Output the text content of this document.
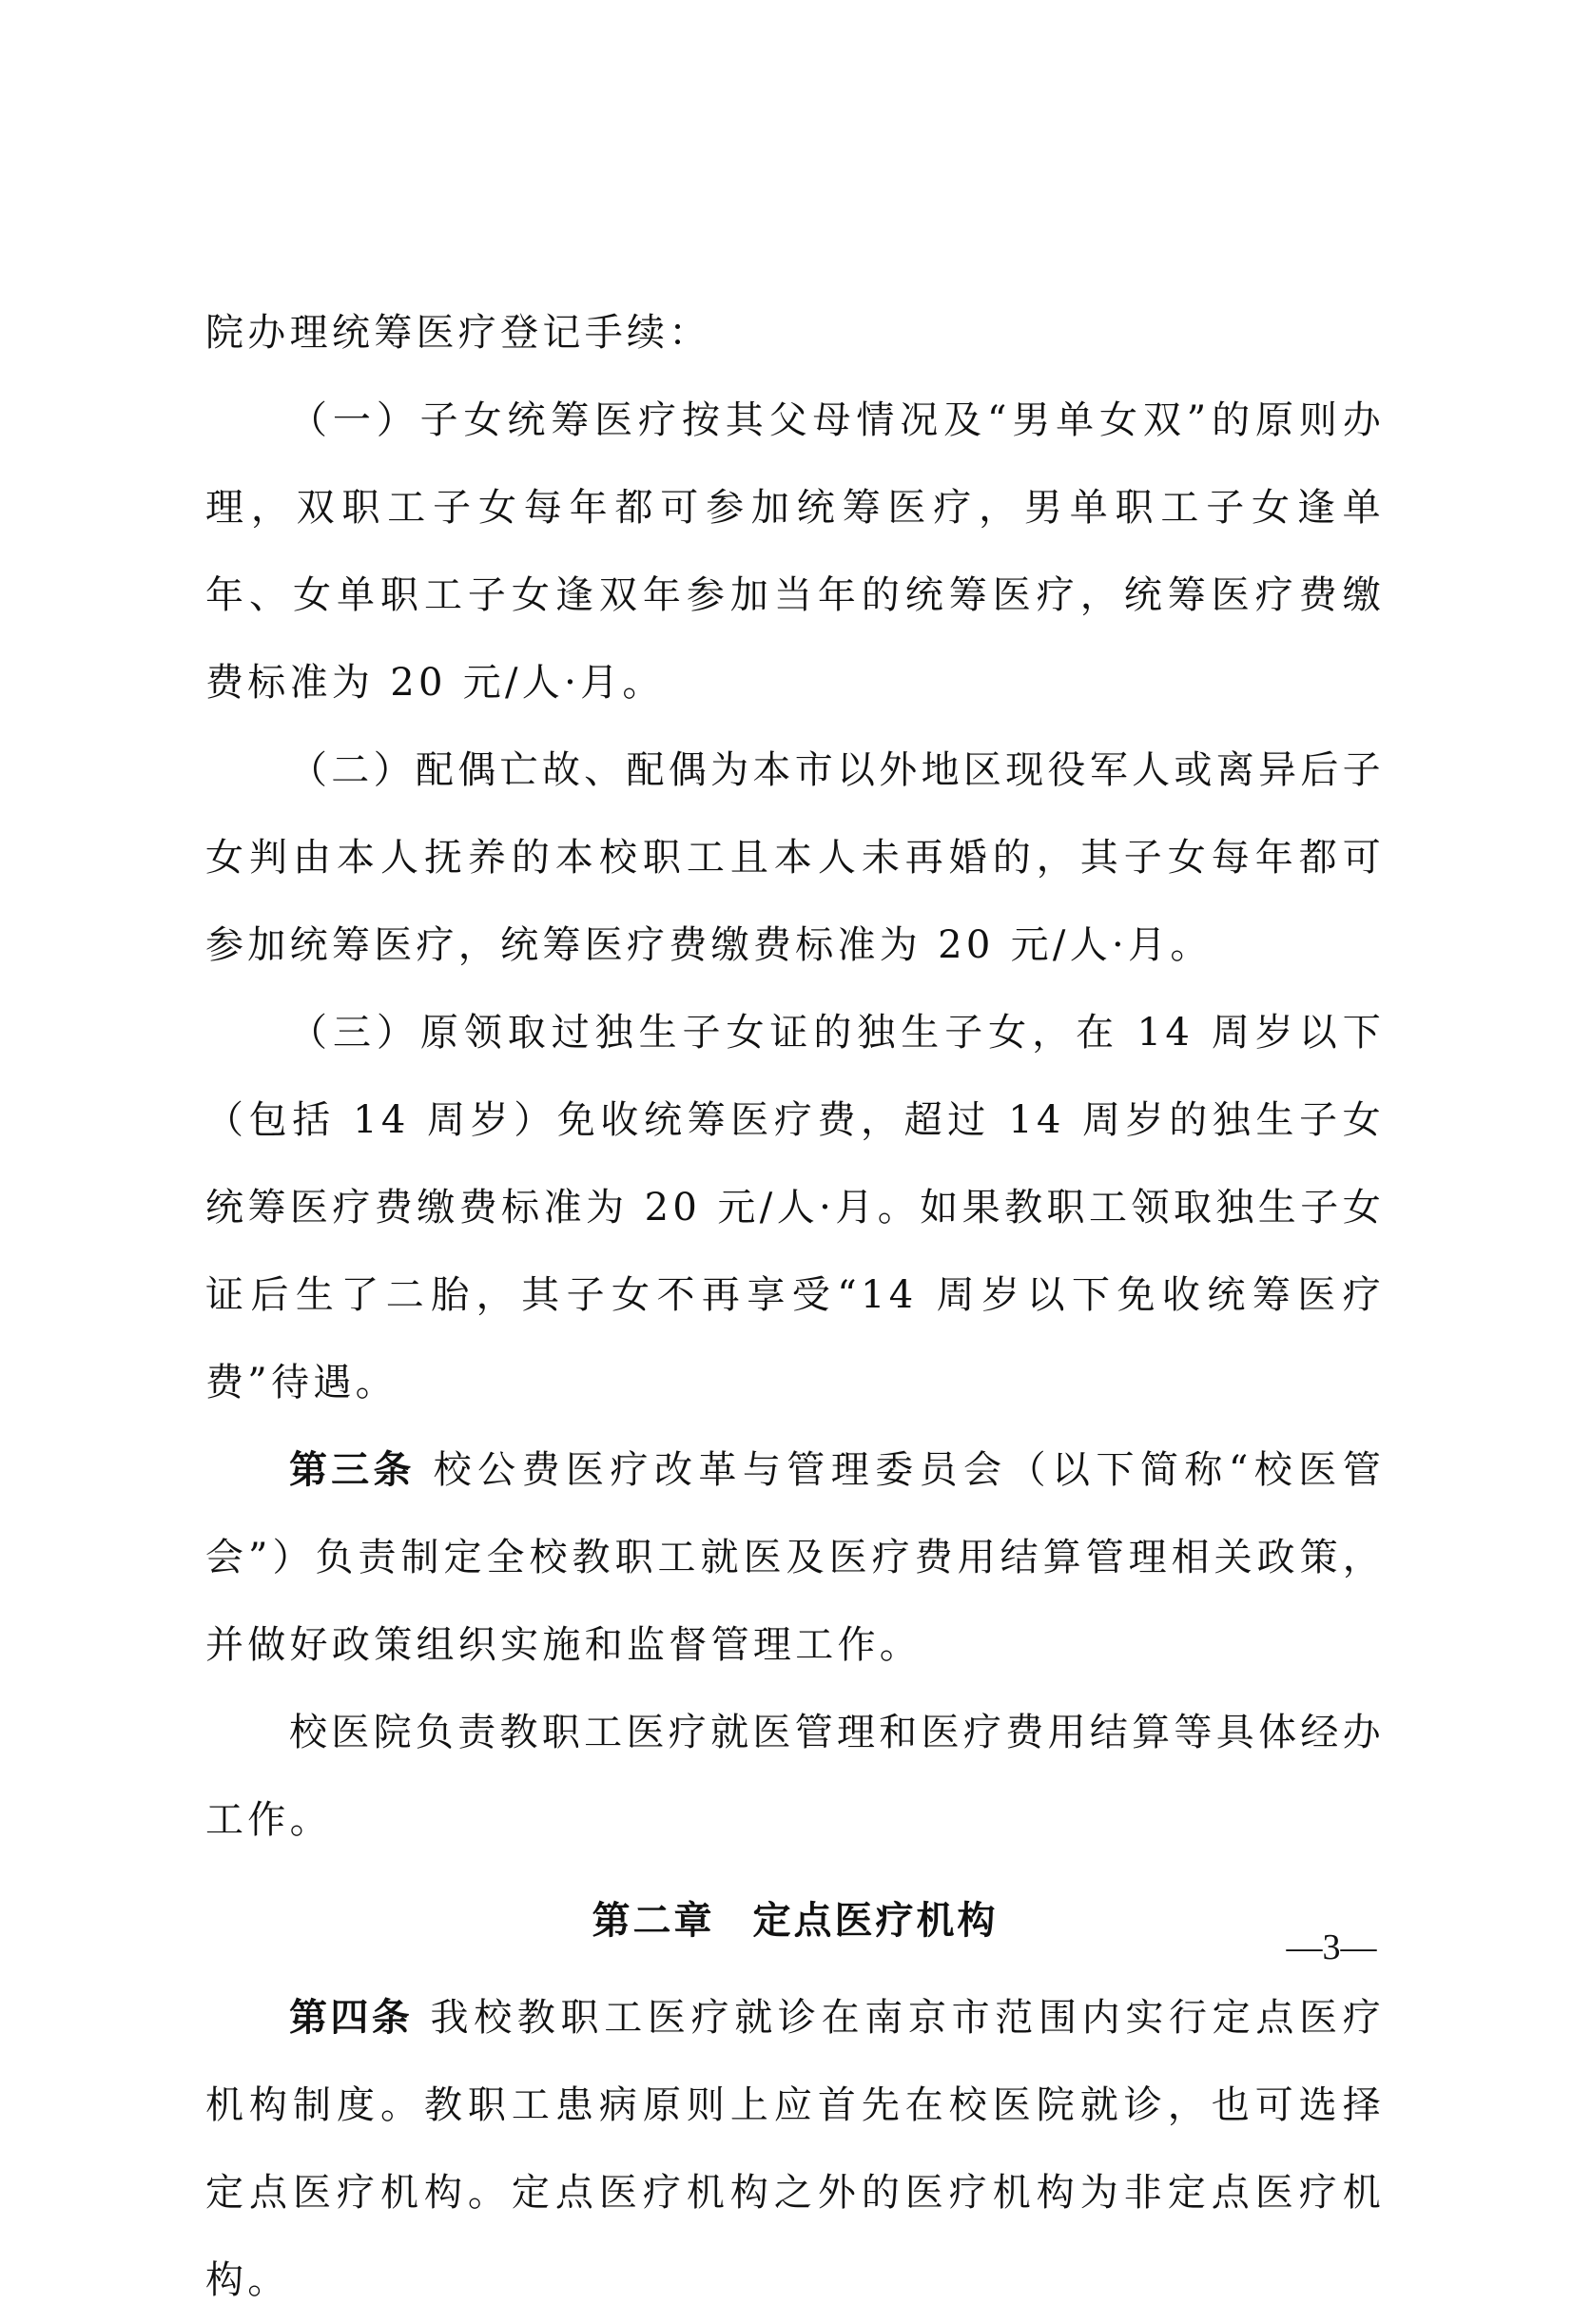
院办理统筹医疗登记手续：

（一）子女统筹医疗按其父母情况及“男单女双”的原则办理，双职工子女每年都可参加统筹医疗，男单职工子女逢单年、女单职工子女逢双年参加当年的统筹医疗，统筹医疗费缴费标准为 20 元/人·月。

（二）配偶亡故、配偶为本市以外地区现役军人或离异后子女判由本人抚养的本校职工且本人未再婚的，其子女每年都可参加统筹医疗，统筹医疗费缴费标准为 20 元/人·月。

（三）原领取过独生子女证的独生子女，在 14 周岁以下（包括 14 周岁）免收统筹医疗费，超过 14 周岁的独生子女统筹医疗费缴费标准为 20 元/人·月。如果教职工领取独生子女证后生了二胎，其子女不再享受“14 周岁以下免收统筹医疗费”待遇。

第三条 校公费医疗改革与管理委员会（以下简称“校医管会”）负责制定全校教职工就医及医疗费用结算管理相关政策，并做好政策组织实施和监督管理工作。

校医院负责教职工医疗就医管理和医疗费用结算等具体经办工作。

第二章 定点医疗机构

第四条 我校教职工医疗就诊在南京市范围内实行定点医疗机构制度。教职工患病原则上应首先在校医院就诊，也可选择定点医疗机构。定点医疗机构之外的医疗机构为非定点医疗机构。

—3—
